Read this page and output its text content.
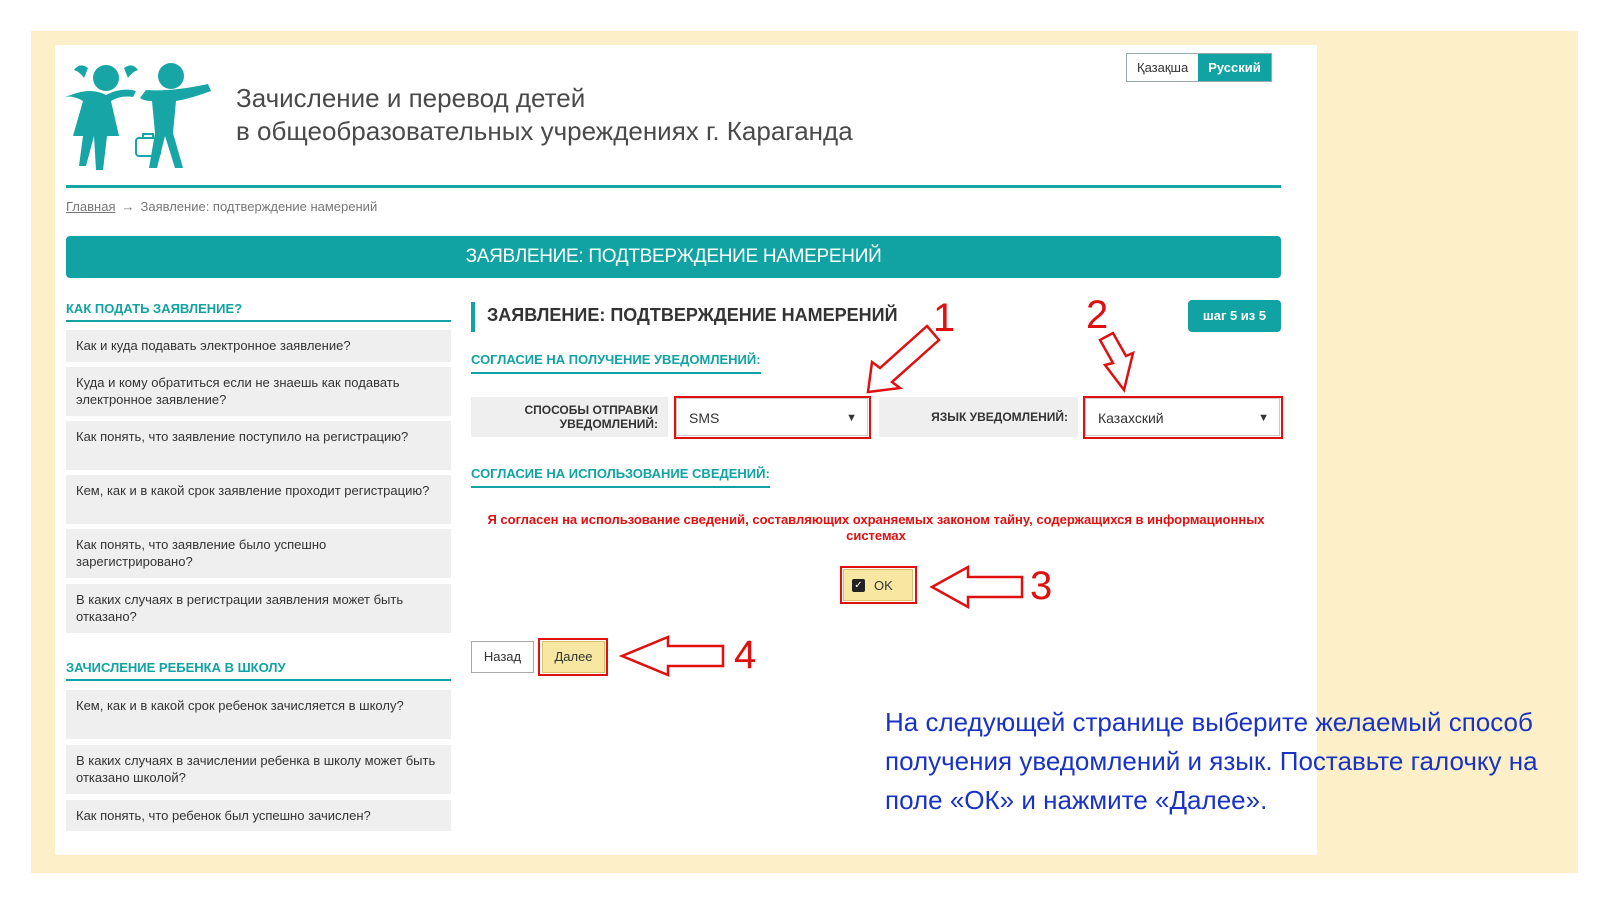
Зачисление и перевод детей
в общеобразовательных учреждениях г. Караганда
Қазақша	Русский
Главная → Заявление: подтверждение намерений
ЗАЯВЛЕНИЕ: ПОДТВЕРЖДЕНИЕ НАМЕРЕНИЙ
КАК ПОДАТЬ ЗАЯВЛЕНИЕ?
Как и куда подавать электронное заявление?
Куда и кому обратиться если не знаешь как подавать электронное заявление?
Как понять, что заявление поступило на регистрацию?
Кем, как и в какой срок заявление проходит регистрацию?
Как понять, что заявление было успешно зарегистрировано?
В каких случаях в регистрации заявления может быть отказано?
ЗАЧИСЛЕНИЕ РЕБЕНКА В ШКОЛУ
Кем, как и в какой срок ребенок зачисляется в школу?
В каких случаях в зачислении ребенка в школу может быть отказано школой?
Как понять, что ребенок был успешно зачислен?
ЗАЯВЛЕНИЕ: ПОДТВЕРЖДЕНИЕ НАМЕРЕНИЙ	шаг 5 из 5
СОГЛАСИЕ НА ПОЛУЧЕНИЕ УВЕДОМЛЕНИЙ:
СПОСОБЫ ОТПРАВКИ
УВЕДОМЛЕНИЙ:	SMS	▼	ЯЗЫК УВЕДОМЛЕНИЙ:	Казахский	▼
СОГЛАСИЕ НА ИСПОЛЬЗОВАНИЕ СВЕДЕНИЙ:
Я согласен на использование сведений, составляющих охраняемых законом тайну, содержащихся в информационных системах
✓ OK
Назад	Далее
1	2
3
4
На следующей странице выберите желаемый способ получения уведомлений и язык. Поставьте галочку на поле «ОК» и нажмите «Далее».
